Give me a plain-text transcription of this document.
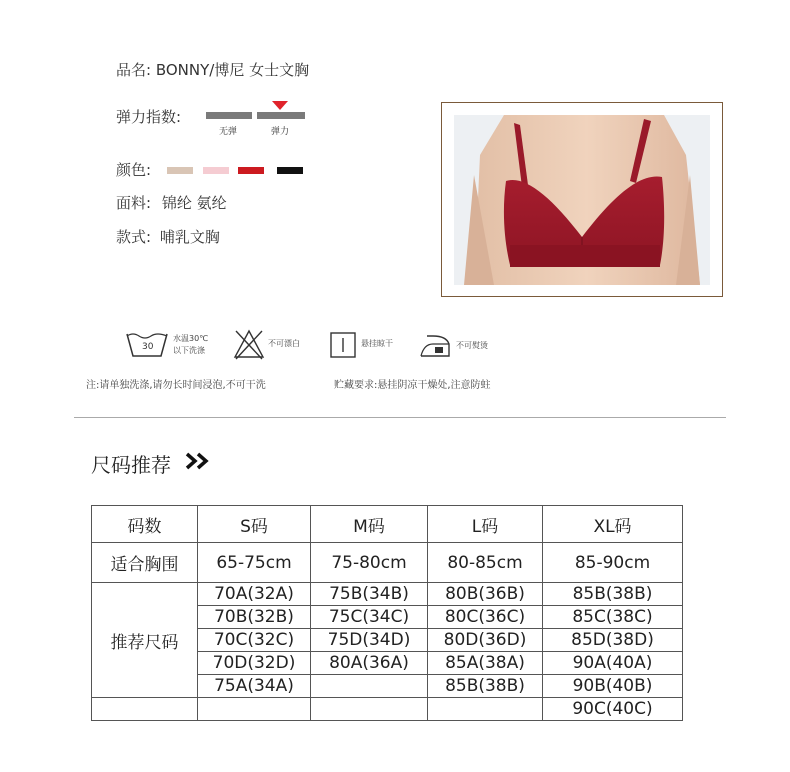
品名: BONNY/博尼 女士文胸
弹力指数:
无弹	弹力
颜色:
面料: 锦纶 氨纶
款式: 哺乳文胸
30
水温30℃
以下洗涤
不可漂白	悬挂晾干	不可熨烫
注:请单独洗涤,请勿长时间浸泡,不可干洗	贮藏要求:悬挂阴凉干燥处,注意防蛀
尺码推荐
码数	S码	M码	L码	XL码
适合胸围	65-75cm	75-80cm	80-85cm	85-90cm
推荐尺码	70A(32A)	75B(34B)	80B(36B)	85B(38B)
	70B(32B)	75C(34C)	80C(36C)	85C(38C)
	70C(32C)	75D(34D)	80D(36D)	85D(38D)
	70D(32D)	80A(36A)	85A(38A)	90A(40A)
	75A(34A)		85B(38B)	90B(40B)
				90C(40C)
